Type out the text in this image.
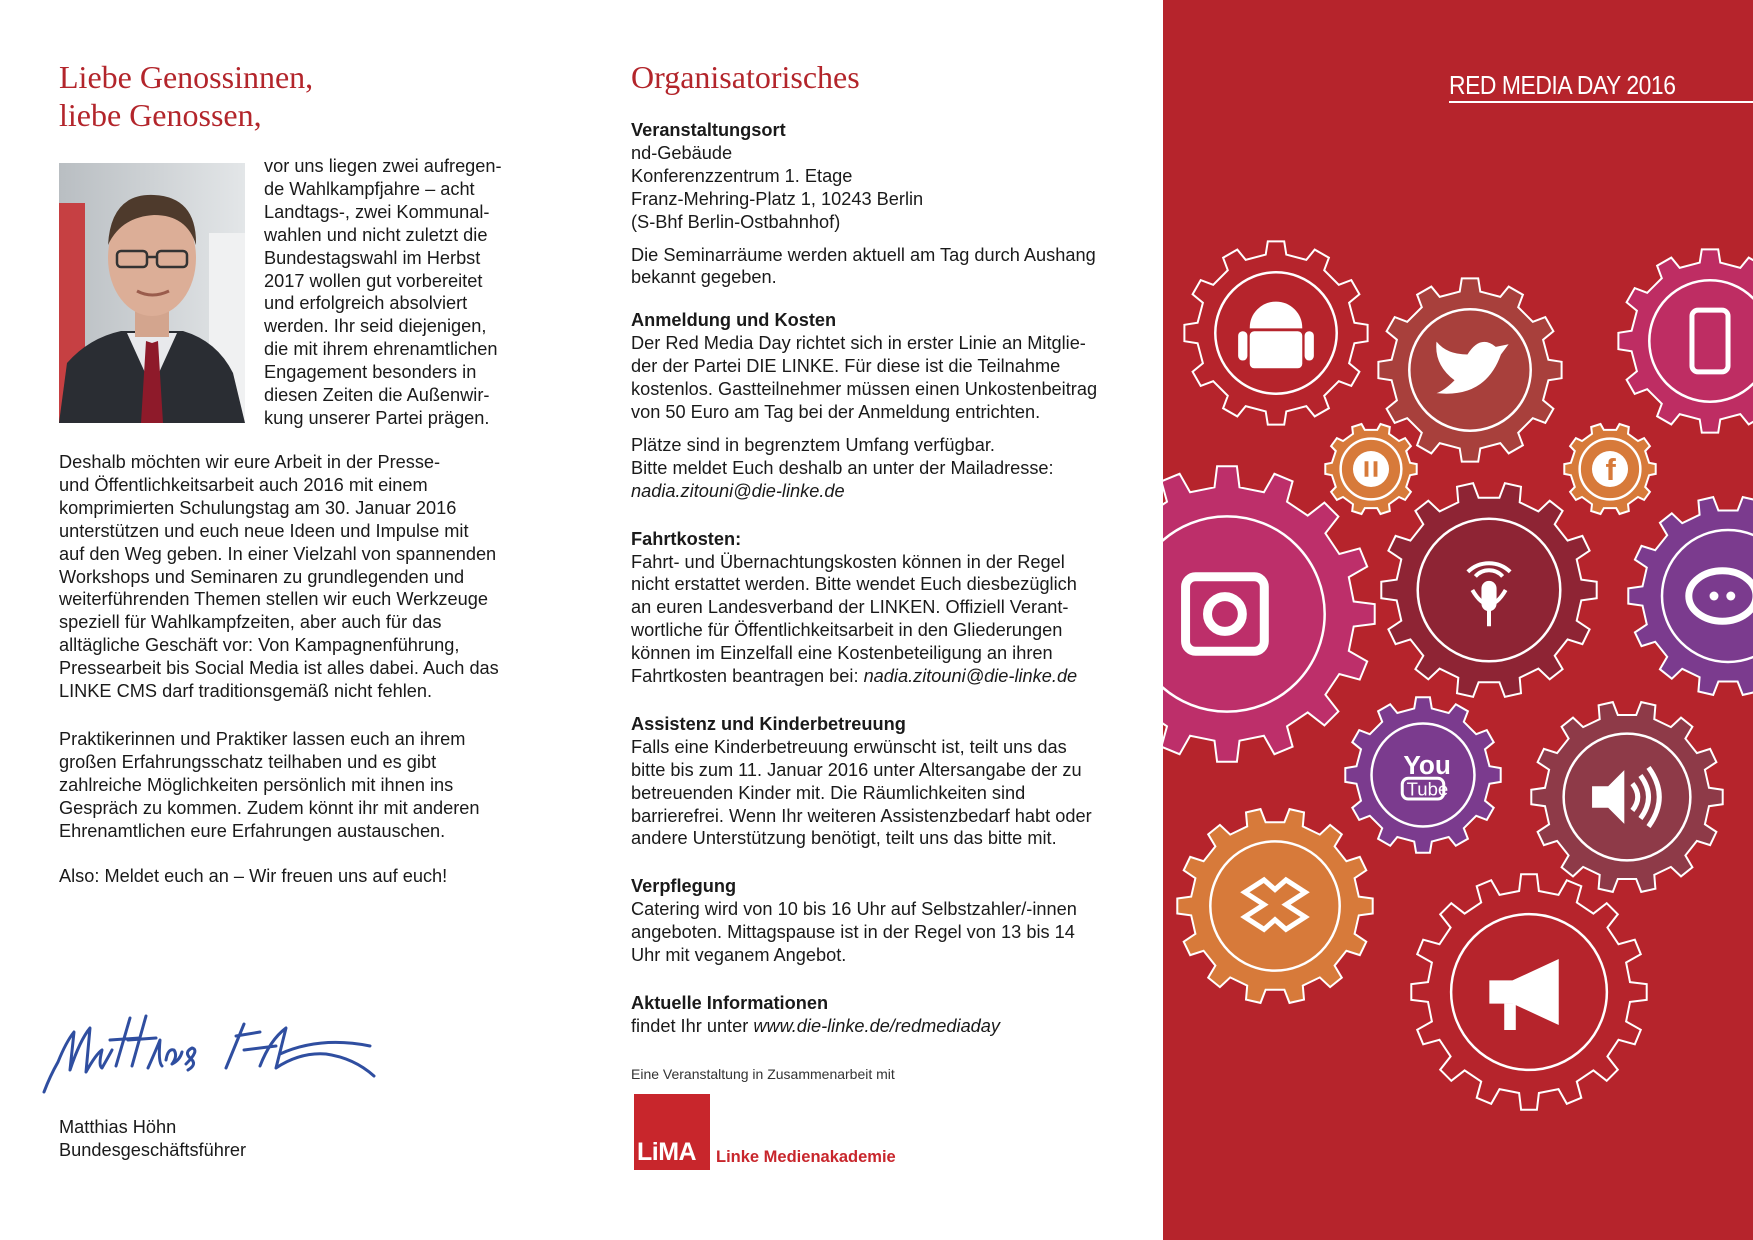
Liebe Genossinnen,
liebe Genossen,
vor uns liegen zwei aufregen-
de Wahlkampfjahre – acht
Landtags-, zwei Kommunal-
wahlen und nicht zuletzt die
Bundestagswahl im Herbst
2017 wollen gut vorbereitet
und erfolgreich absolviert
werden. Ihr seid diejenigen,
die mit ihrem ehrenamtlichen
Engagement besonders in
diesen Zeiten die Außenwir-
kung unserer Partei prägen.
Deshalb möchten wir eure Arbeit in der Presse-
und Öffentlichkeitsarbeit auch 2016 mit einem
komprimierten Schulungstag am 30. Januar 2016
unterstützen und euch neue Ideen und Impulse mit
auf den Weg geben. In einer Vielzahl von spannenden
Workshops und Seminaren zu grundlegenden und
weiterführenden Themen stellen wir euch Werkzeuge
speziell für Wahlkampfzeiten, aber auch für das
alltägliche Geschäft vor: Von Kampagnenführung,
Pressearbeit bis Social Media ist alles dabei. Auch das
LINKE CMS darf traditionsgemäß nicht fehlen.
Praktikerinnen und Praktiker lassen euch an ihrem
großen Erfahrungsschatz teilhaben und es gibt
zahlreiche Möglichkeiten persönlich mit ihnen ins
Gespräch zu kommen. Zudem könnt ihr mit anderen
Ehrenamtlichen eure Erfahrungen austauschen.
Also: Meldet euch an – Wir freuen uns auf euch!
Matthias Höhn
Bundesgeschäftsführer
Organisatorisches
Veranstaltungsort
nd-Gebäude
Konferenzzentrum 1. Etage
Franz-Mehring-Platz 1, 10243 Berlin
(S-Bhf Berlin-Ostbahnhof)
Die Seminarräume werden aktuell am Tag durch Aushang
bekannt gegeben.
Anmeldung und Kosten
Der Red Media Day richtet sich in erster Linie an Mitglie-
der der Partei DIE LINKE. Für diese ist die Teilnahme
kostenlos. Gastteilnehmer müssen einen Unkostenbeitrag
von 50 Euro am Tag bei der Anmeldung entrichten.
Plätze sind in begrenztem Umfang verfügbar.
Bitte meldet Euch deshalb an unter der Mailadresse:
nadia.zitouni@die-linke.de
Fahrtkosten:
Fahrt- und Übernachtungskosten können in der Regel
nicht erstattet werden. Bitte wendet Euch diesbezüglich
an euren Landesverband der LINKEN. Offiziell Verant-
wortliche für Öffentlichkeitsarbeit in den Gliederungen
können im Einzelfall eine Kostenbeteiligung an ihren
Fahrtkosten beantragen bei: nadia.zitouni@die-linke.de
Assistenz und Kinderbetreuung
Falls eine Kinderbetreuung erwünscht ist, teilt uns das
bitte bis zum 11. Januar 2016 unter Altersangabe der zu
betreuenden Kinder mit. Die Räumlichkeiten sind
barrierefrei. Wenn Ihr weiteren Assistenzbedarf habt oder
andere Unterstützung benötigt, teilt uns das bitte mit.
Verpflegung
Catering wird von 10 bis 16 Uhr auf Selbstzahler/-innen
angeboten. Mittagspause ist in der Regel von 13 bis 14
Uhr mit veganem Angebot.
Aktuelle Informationen
findet Ihr unter www.die-linke.de/redmediaday
Eine Veranstaltung in Zusammenarbeit mit
LiMA Linke Medienakademie
f
You
Tube
RED MEDIA DAY 2016
